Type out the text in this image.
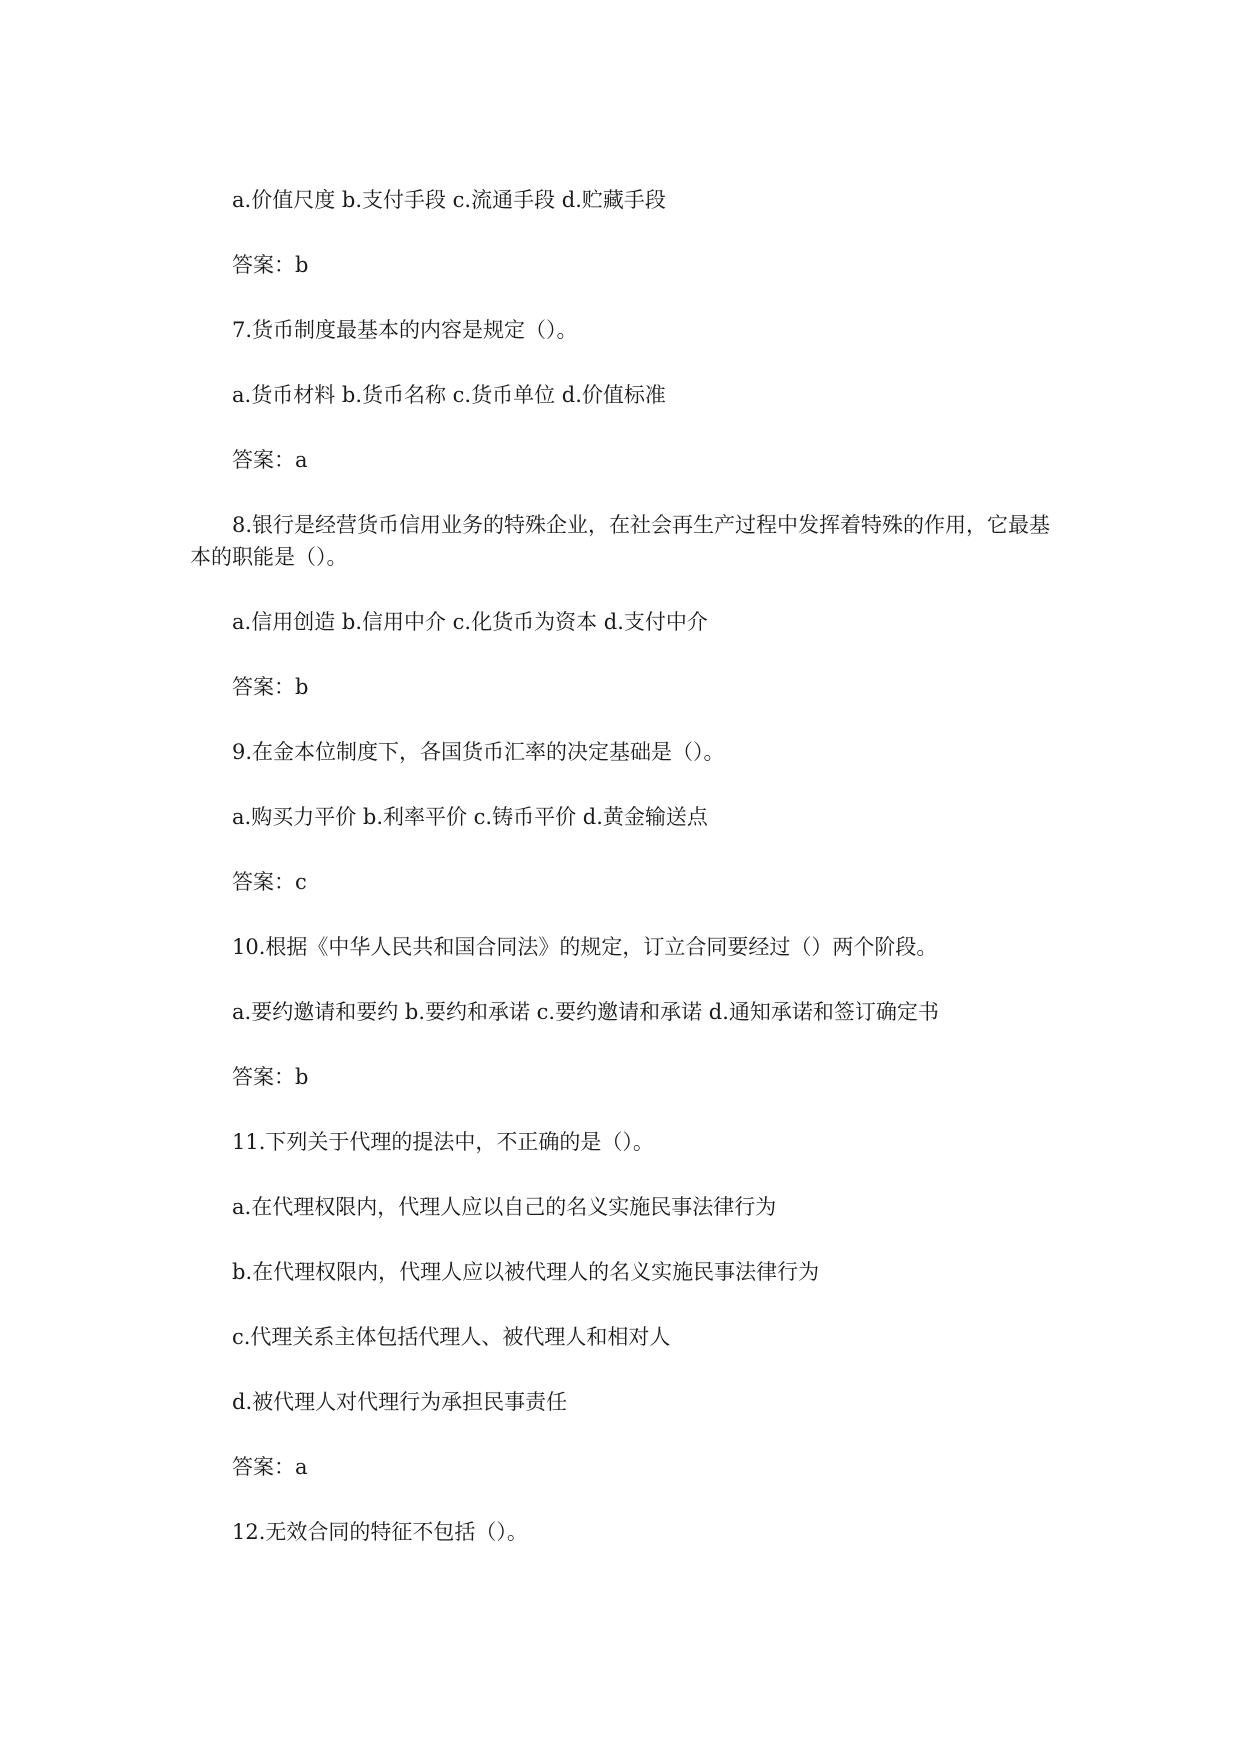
a.价值尺度 b.支付手段 c.流通手段 d.贮藏手段

答案：b

7.货币制度最基本的内容是规定（）。

a.货币材料 b.货币名称 c.货币单位 d.价值标准

答案：a

8.银行是经营货币信用业务的特殊企业，在社会再生产过程中发挥着特殊的作用，它最基本的职能是（）。

a.信用创造 b.信用中介 c.化货币为资本 d.支付中介

答案：b

9.在金本位制度下，各国货币汇率的决定基础是（）。

a.购买力平价 b.利率平价 c.铸币平价 d.黄金输送点

答案：c

10.根据《中华人民共和国合同法》的规定，订立合同要经过（）两个阶段。

a.要约邀请和要约 b.要约和承诺 c.要约邀请和承诺 d.通知承诺和签订确定书

答案：b

11.下列关于代理的提法中，不正确的是（）。

a.在代理权限内，代理人应以自己的名义实施民事法律行为

b.在代理权限内，代理人应以被代理人的名义实施民事法律行为

c.代理关系主体包括代理人、被代理人和相对人

d.被代理人对代理行为承担民事责任

答案：a

12.无效合同的特征不包括（）。
